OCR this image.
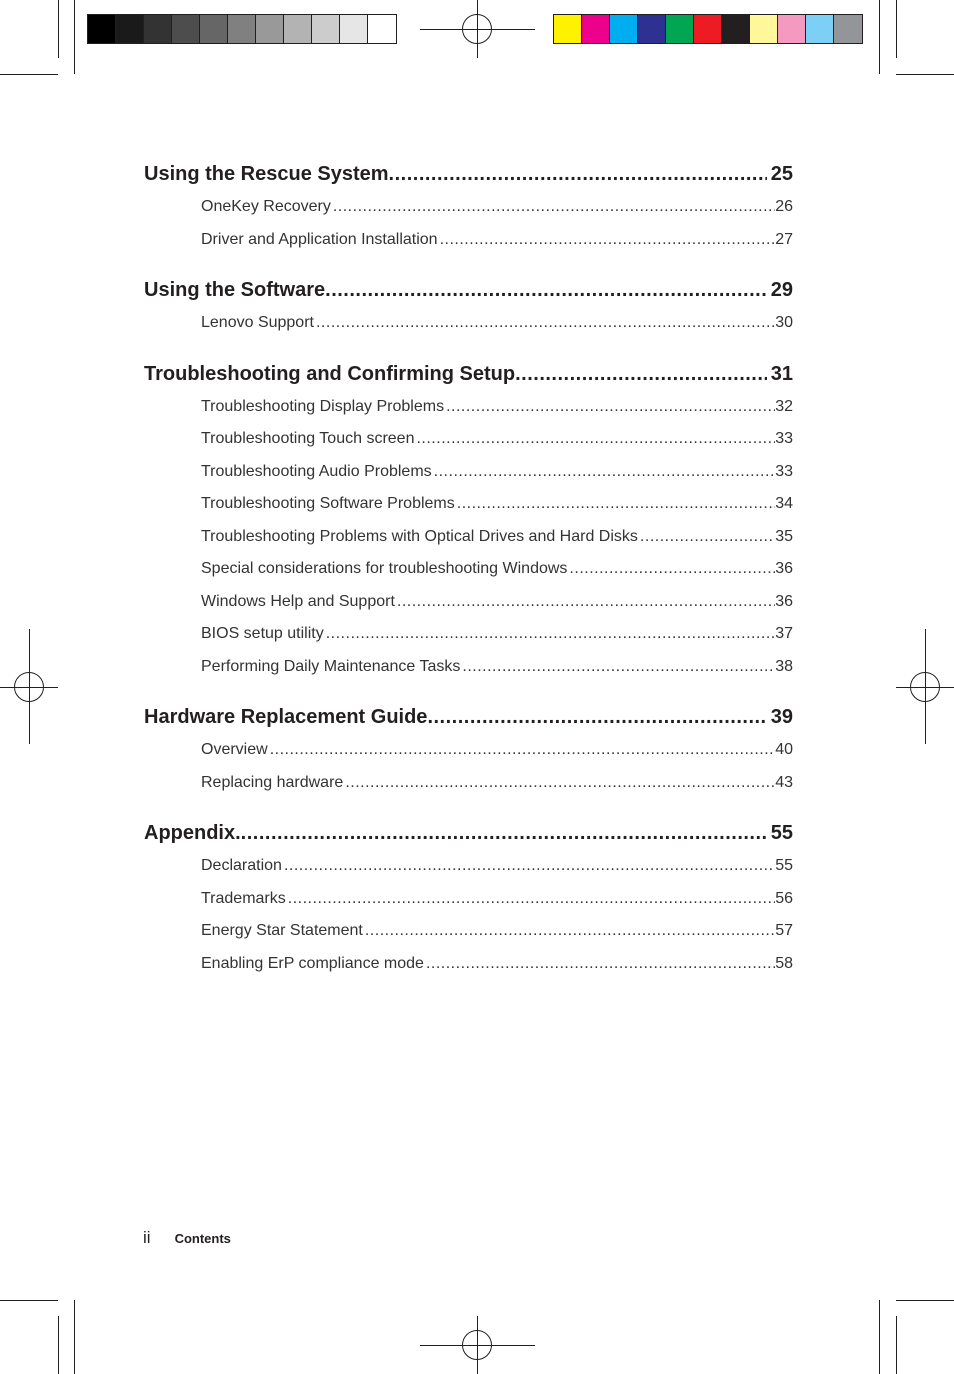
Using the Rescue System .....	25
OneKey Recovery .....	26
Driver and Application Installation .....	27
Using the Software .....	29
Lenovo Support .....	30
Troubleshooting and Confirming Setup .....	31
Troubleshooting Display Problems .....	32
Troubleshooting Touch screen .....	33
Troubleshooting Audio Problems .....	33
Troubleshooting Software Problems .....	34
Troubleshooting Problems with Optical Drives and Hard Disks .....	35
Special considerations for troubleshooting Windows .....	36
Windows Help and Support .....	36
BIOS setup utility .....	37
Performing Daily Maintenance Tasks .....	38
Hardware Replacement Guide .....	39
Overview .....	40
Replacing hardware .....	43
Appendix. .....	55
Declaration .....	55
Trademarks .....	56
Energy Star Statement .....	57
Enabling ErP compliance mode .....	58
ii Contents
